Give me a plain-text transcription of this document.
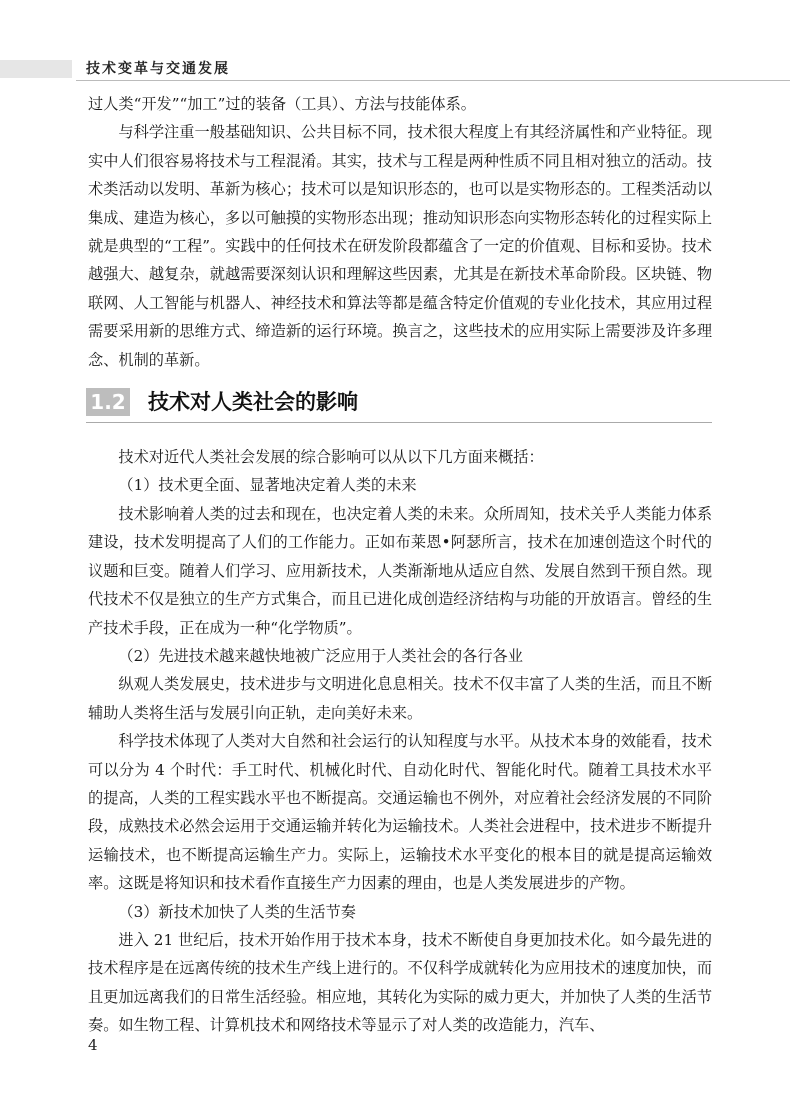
技术变革与交通发展

过人类“开发”“加工”过的装备（工具）、方法与技能体系。

与科学注重一般基础知识、公共目标不同，技术很大程度上有其经济属性和产业特征。现实中人们很容易将技术与工程混淆。其实，技术与工程是两种性质不同且相对独立的活动。技术类活动以发明、革新为核心；技术可以是知识形态的，也可以是实物形态的。工程类活动以集成、建造为核心，多以可触摸的实物形态出现；推动知识形态向实物形态转化的过程实际上就是典型的“工程”。实践中的任何技术在研发阶段都蕴含了一定的价值观、目标和妥协。技术越强大、越复杂，就越需要深刻认识和理解这些因素，尤其是在新技术革命阶段。区块链、物联网、人工智能与机器人、神经技术和算法等都是蕴含特定价值观的专业化技术，其应用过程需要采用新的思维方式、缔造新的运行环境。换言之，这些技术的应用实际上需要涉及许多理念、机制的革新。

1.2 技术对人类社会的影响

技术对近代人类社会发展的综合影响可以从以下几方面来概括：

（1）技术更全面、显著地决定着人类的未来

技术影响着人类的过去和现在，也决定着人类的未来。众所周知，技术关乎人类能力体系建设，技术发明提高了人们的工作能力。正如布莱恩•阿瑟所言，技术在加速创造这个时代的议题和巨变。随着人们学习、应用新技术，人类渐渐地从适应自然、发展自然到干预自然。现代技术不仅是独立的生产方式集合，而且已进化成创造经济结构与功能的开放语言。曾经的生产技术手段，正在成为一种“化学物质”。

（2）先进技术越来越快地被广泛应用于人类社会的各行各业

纵观人类发展史，技术进步与文明进化息息相关。技术不仅丰富了人类的生活，而且不断辅助人类将生活与发展引向正轨，走向美好未来。

科学技术体现了人类对大自然和社会运行的认知程度与水平。从技术本身的效能看，技术可以分为 4 个时代：手工时代、机械化时代、自动化时代、智能化时代。随着工具技术水平的提高，人类的工程实践水平也不断提高。交通运输也不例外，对应着社会经济发展的不同阶段，成熟技术必然会运用于交通运输并转化为运输技术。人类社会进程中，技术进步不断提升运输技术，也不断提高运输生产力。实际上，运输技术水平变化的根本目的就是提高运输效率。这既是将知识和技术看作直接生产力因素的理由，也是人类发展进步的产物。

（3）新技术加快了人类的生活节奏

进入 21 世纪后，技术开始作用于技术本身，技术不断使自身更加技术化。如今最先进的技术程序是在远离传统的技术生产线上进行的。不仅科学成就转化为应用技术的速度加快，而且更加远离我们的日常生活经验。相应地，其转化为实际的威力更大，并加快了人类的生活节奏。如生物工程、计算机技术和网络技术等显示了对人类的改造能力，汽车、

4
